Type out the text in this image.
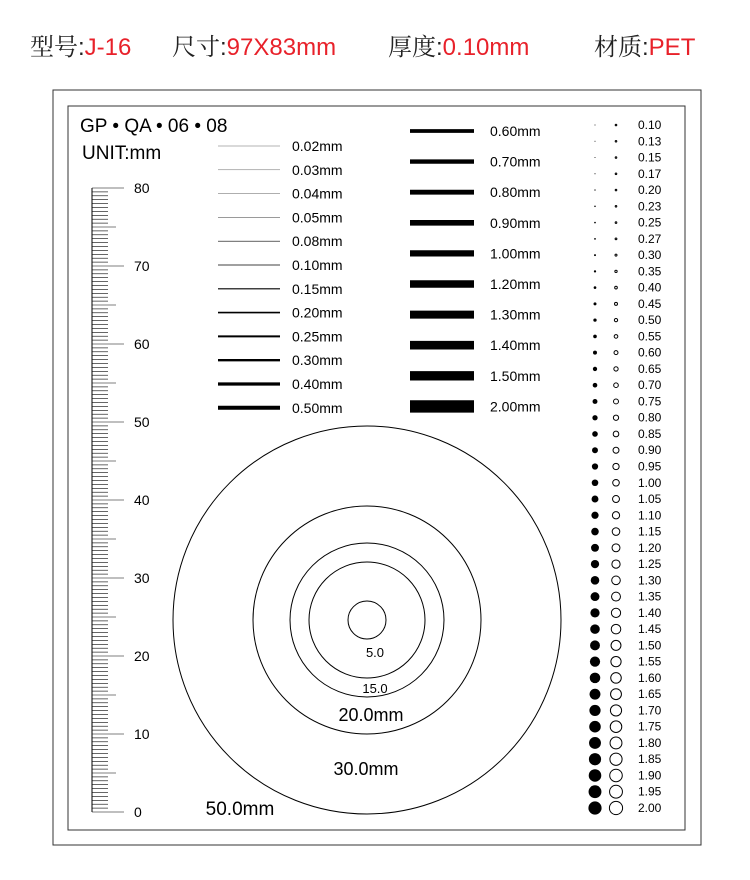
型号:J-16 尺寸:97X83mm 厚度:0.10mm	材质:PET
GP • QA • 06 • 08
UNIT:mm
80
70
60
50
40
30
20
10
0
0.02mm
0.03mm
0.04mm
0.05mm
0.08mm
0.10mm
0.15mm
0.20mm
0.25mm
0.30mm
0.40mm
0.50mm
0.60mm
0.70mm
0.80mm
0.90mm
1.00mm
1.20mm
1.30mm
1.40mm
1.50mm
2.00mm
0.10
0.13
0.15
0.17
0.20
0.23
0.25
0.27
0.30
0.35
0.40
0.45
0.50
0.55
0.60
0.65
0.70
0.75
0.80
0.85
0.90
0.95
1.00
1.05
1.10
1.15
1.20
1.25
1.30
1.35
1.40
1.45
1.50
1.55
1.60
1.65
1.70
1.75
1.80
1.85
1.90
1.95
2.00
5.0
15.0
20.0mm
30.0mm
50.0mm
